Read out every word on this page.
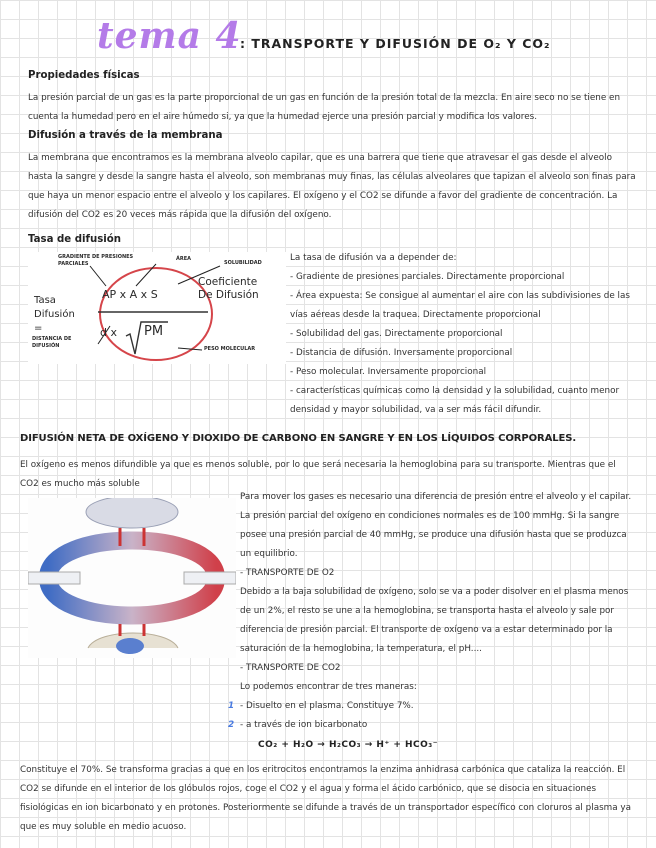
tema 4
: TRANSPORTE Y DIFUSIÓN DE O₂ Y CO₂
Propiedades físicas
La presión parcial de un gas es la parte proporcional de un gas en función de la presión total de la mezcla. En aire seco no se tiene en cuenta la humedad pero en el aire húmedo si, ya que la humedad ejerce una presión parcial y modifica los valores.
Difusión a través de la membrana
La membrana que encontramos es la membrana alveolo capilar, que es una barrera que tiene que atravesar el gas desde el alveolo hasta la sangre y desde la sangre hasta el alveolo, son membranas muy finas, las células alveolares que tapizan el alveolo son finas para que haya un menor espacio entre el alveolo y los capilares. El oxígeno y el CO2 se difunde a favor del gradiente de concentración. La difusión del CO2 es 20 veces más rápida que la difusión del oxígeno.
Tasa de difusión
GRADIENTE DE PRESIONES PARCIALES
ÁREA
SOLUBILIDAD
Tasa Difusión =
AP x A x S
d x PM
Coeficiente De Difusión
DISTANCIA DE DIFUSIÓN	PESO MOLECULAR
La tasa de difusión va a depender de:
- Gradiente de presiones parciales. Directamente proporcional
- Área expuesta: Se consigue al aumentar el aire con las subdivisiones de las vías aéreas desde la traquea. Directamente proporcional
- Solubilidad del gas. Directamente proporcional
- Distancia de difusión. Inversamente proporcional
- Peso molecular. Inversamente proporcional
- características químicas como la densidad y la solubilidad, cuanto menor densidad y mayor solubilidad, va a ser más fácil difundir.
DIFUSIÓN NETA DE OXÍGENO Y DIOXIDO DE CARBONO EN SANGRE Y EN LOS LÍQUIDOS CORPORALES.
El oxígeno es menos difundible ya que es menos soluble, por lo que será necesaria la hemoglobina para su transporte. Mientras que el CO2 es mucho más soluble
Para mover los gases es necesario una diferencia de presión entre el alveolo y el capilar. La presión parcial del oxígeno en condiciones normales es de 100 mmHg. Si la sangre posee una presión parcial de 40 mmHg, se produce una difusión hasta que se produzca un equilibrio.
- TRANSPORTE DE O2
Debido a la baja solubilidad de oxígeno, solo se va a poder disolver en el plasma menos de un 2%, el resto se une a la hemoglobina, se transporta hasta el alveolo y sale por diferencia de presión parcial. El transporte de oxígeno va a estar determinado por la saturación de la hemoglobina, la temperatura, el pH....
- TRANSPORTE DE CO2
Lo podemos encontrar de tres maneras:
1 - Disuelto en el plasma. Constituye 7%.
2 - a través de ion bicarbonato
CO₂ + H₂O → H₂CO₃ → H⁺ + HCO₃⁻
Constituye el 70%. Se transforma gracias a que en los eritrocitos encontramos la enzima anhidrasa carbónica que cataliza la reacción. El CO2 se difunde en el interior de los glóbulos rojos, coge el CO2 y el agua y forma el ácido carbónico, que se disocia en situaciones fisiológicas en ion bicarbonato y en protones. Posteriormente se difunde a través de un transportador específico con cloruros al plasma ya que es muy soluble en medio acuoso.
